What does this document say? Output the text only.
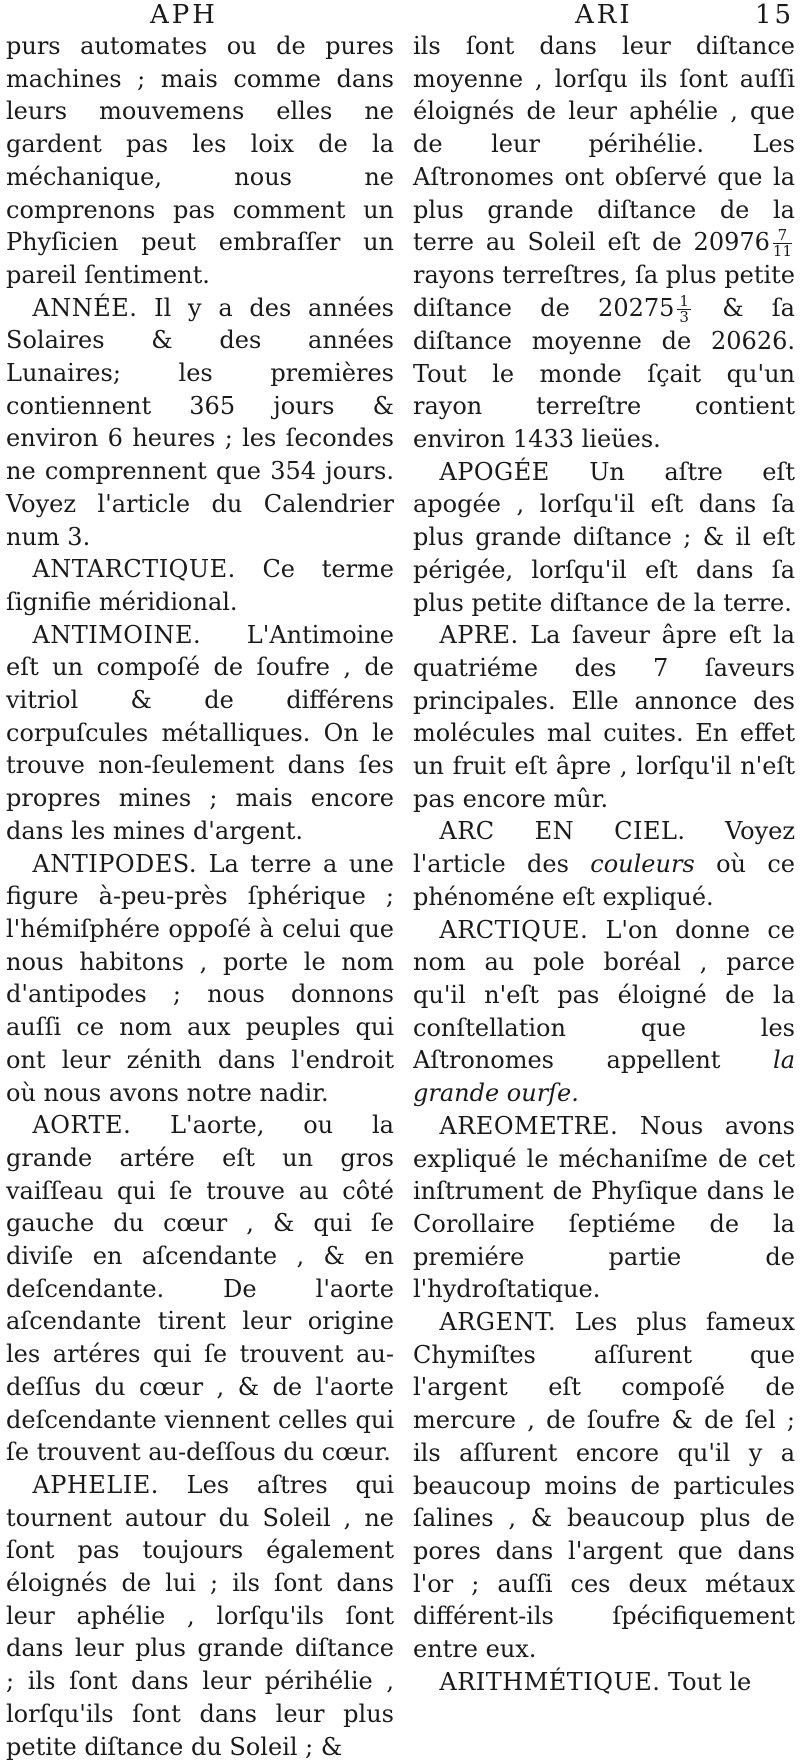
APH	ARI	15

purs automates ou de pures machines ; mais comme dans leurs mouvemens elles ne gardent pas les loix de la méchanique, nous ne comprenons pas comment un Phyſicien peut embraſſer un pareil ſentiment.

ANNÉE. Il y a des années Solaires & des années Lunaires; les premières contiennent 365 jours & environ 6 heures ; les ſecondes ne comprennent que 354 jours. Voyez l'article du Calendrier num 3.

ANTARCTIQUE. Ce terme ſignifie méridional.

ANTIMOINE. L'Antimoine eſt un compoſé de ſoufre , de vitriol & de différens corpuſcules métalliques. On le trouve non-ſeulement dans ſes propres mines ; mais encore dans les mines d'argent.

ANTIPODES. La terre a une figure à-peu-près ſphérique ; l'hémiſphére oppoſé à celui que nous habitons , porte le nom d'antipodes ; nous donnons auſſi ce nom aux peuples qui ont leur zénith dans l'endroit où nous avons notre nadir.

AORTE. L'aorte, ou la grande artére eſt un gros vaiſſeau qui ſe trouve au côté gauche du cœur , & qui ſe diviſe en aſcendante , & en deſcendante. De l'aorte aſcendante tirent leur origine les artéres qui ſe trouvent au-deſſus du cœur , & de l'aorte deſcendante viennent celles qui ſe trouvent au-deſſous du cœur.

APHELIE. Les aſtres qui tournent autour du Soleil , ne ſont pas toujours également éloignés de lui ; ils ſont dans leur aphélie , lorſqu'ils ſont dans leur plus grande diſtance ; ils ſont dans leur périhélie , lorſqu'ils ſont dans leur plus petite diſtance du Soleil ; &

ils ſont dans leur diſtance moyenne , lorſqu ils ſont auſſi éloignés de leur aphélie , que de leur périhélie. Les Aſtronomes ont obſervé que la plus grande diſtance de la terre au Soleil eſt de $20976 \frac{7}{11}$
rayons terreſtres, ſa plus petite diſtance de $20275 \frac{1}{3}$ & ſa diſtance moyenne de 20626. Tout le monde ſçait qu'un rayon terreſtre contient environ 1433 lieües.

APOGÉE Un aſtre eſt apogée , lorſqu'il eſt dans ſa plus grande diſtance ; & il eſt périgée, lorſqu'il eſt dans ſa plus petite diſtance de la terre.

APRE. La ſaveur âpre eſt la quatriéme des 7 ſaveurs principales. Elle annonce des molécules mal cuites. En effet un fruit eſt âpre , lorſqu'il n'eſt pas encore mûr.

ARC EN CIEL. Voyez l'article des couleurs où ce phénoméne eſt expliqué.

ARCTIQUE. L'on donne ce nom au pole boréal , parce qu'il n'eſt pas éloigné de la conſtellation que les Aſtronomes appellent la grande ourſe.

AREOMETRE. Nous avons expliqué le méchaniſme de cet inſtrument de Phyſique dans le Corollaire ſeptiéme de la premiére partie de l'hydroſtatique.

ARGENT. Les plus fameux Chymiſtes aſſurent que l'argent eſt compoſé de mercure , de ſoufre & de ſel ; ils aſſurent encore qu'il y a beaucoup moins de particules ſalines , & beaucoup plus de pores dans l'argent que dans l'or ; auſſi ces deux métaux différent-ils ſpécifiquement entre eux.

ARITHMÉTIQUE. Tout le
